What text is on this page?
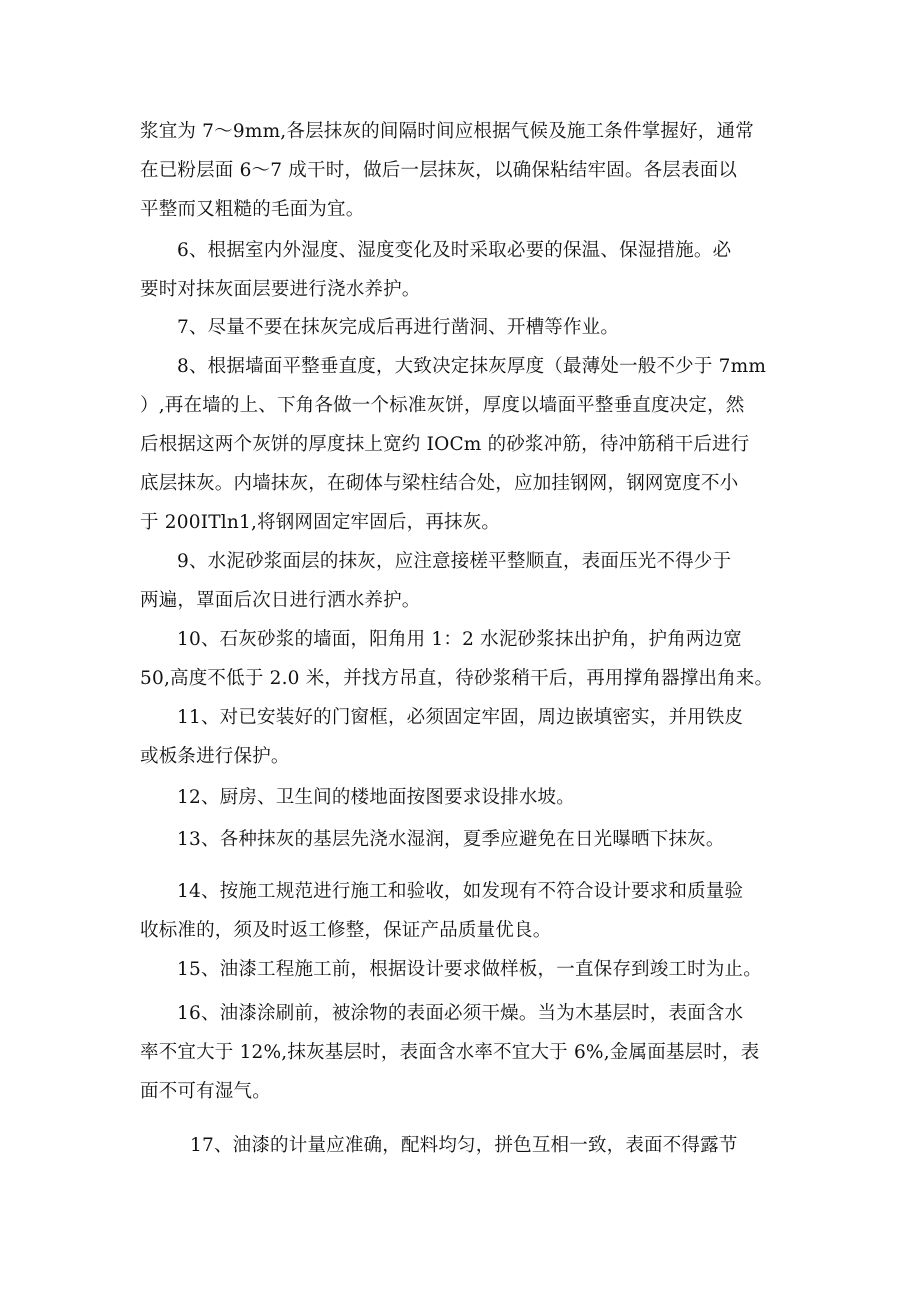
浆宜为 7～9mm,各层抹灰的间隔时间应根据气候及施工条件掌握好，通常
在已粉层面 6～7 成干时，做后一层抹灰，以确保粘结牢固。各层表面以
平整而又粗糙的毛面为宜。

6、根据室内外湿度、湿度变化及时采取必要的保温、保湿措施。必
要时对抹灰面层要进行浇水养护。

7、尽量不要在抹灰完成后再进行凿洞、开槽等作业。

8、根据墙面平整垂直度，大致决定抹灰厚度（最薄处一般不少于 7mm
）,再在墙的上、下角各做一个标准灰饼，厚度以墙面平整垂直度决定，然
后根据这两个灰饼的厚度抹上宽约 IOCm 的砂浆冲筋，待冲筋稍干后进行
底层抹灰。内墙抹灰，在砌体与梁柱结合处，应加挂钢网，钢网宽度不小
于 200ITln1,将钢网固定牢固后，再抹灰。

9、水泥砂浆面层的抹灰，应注意接槎平整顺直，表面压光不得少于
两遍，罩面后次日进行洒水养护。

10、石灰砂浆的墙面，阳角用 1：2 水泥砂浆抹出护角，护角两边宽
50,高度不低于 2.0 米，并找方吊直，待砂浆稍干后，再用撑角器撑出角来。

11、对已安装好的门窗框，必须固定牢固，周边嵌填密实，并用铁皮
或板条进行保护。

12、厨房、卫生间的楼地面按图要求设排水坡。

13、各种抹灰的基层先浇水湿润，夏季应避免在日光曝晒下抹灰。

14、按施工规范进行施工和验收，如发现有不符合设计要求和质量验
收标准的，须及时返工修整，保证产品质量优良。

15、油漆工程施工前，根据设计要求做样板，一直保存到竣工时为止。

16、油漆涂刷前，被涂物的表面必须干燥。当为木基层时，表面含水
率不宜大于 12%,抹灰基层时，表面含水率不宜大于 6%,金属面基层时，表
面不可有湿气。

17、油漆的计量应准确，配料均匀，拼色互相一致，表面不得露节
